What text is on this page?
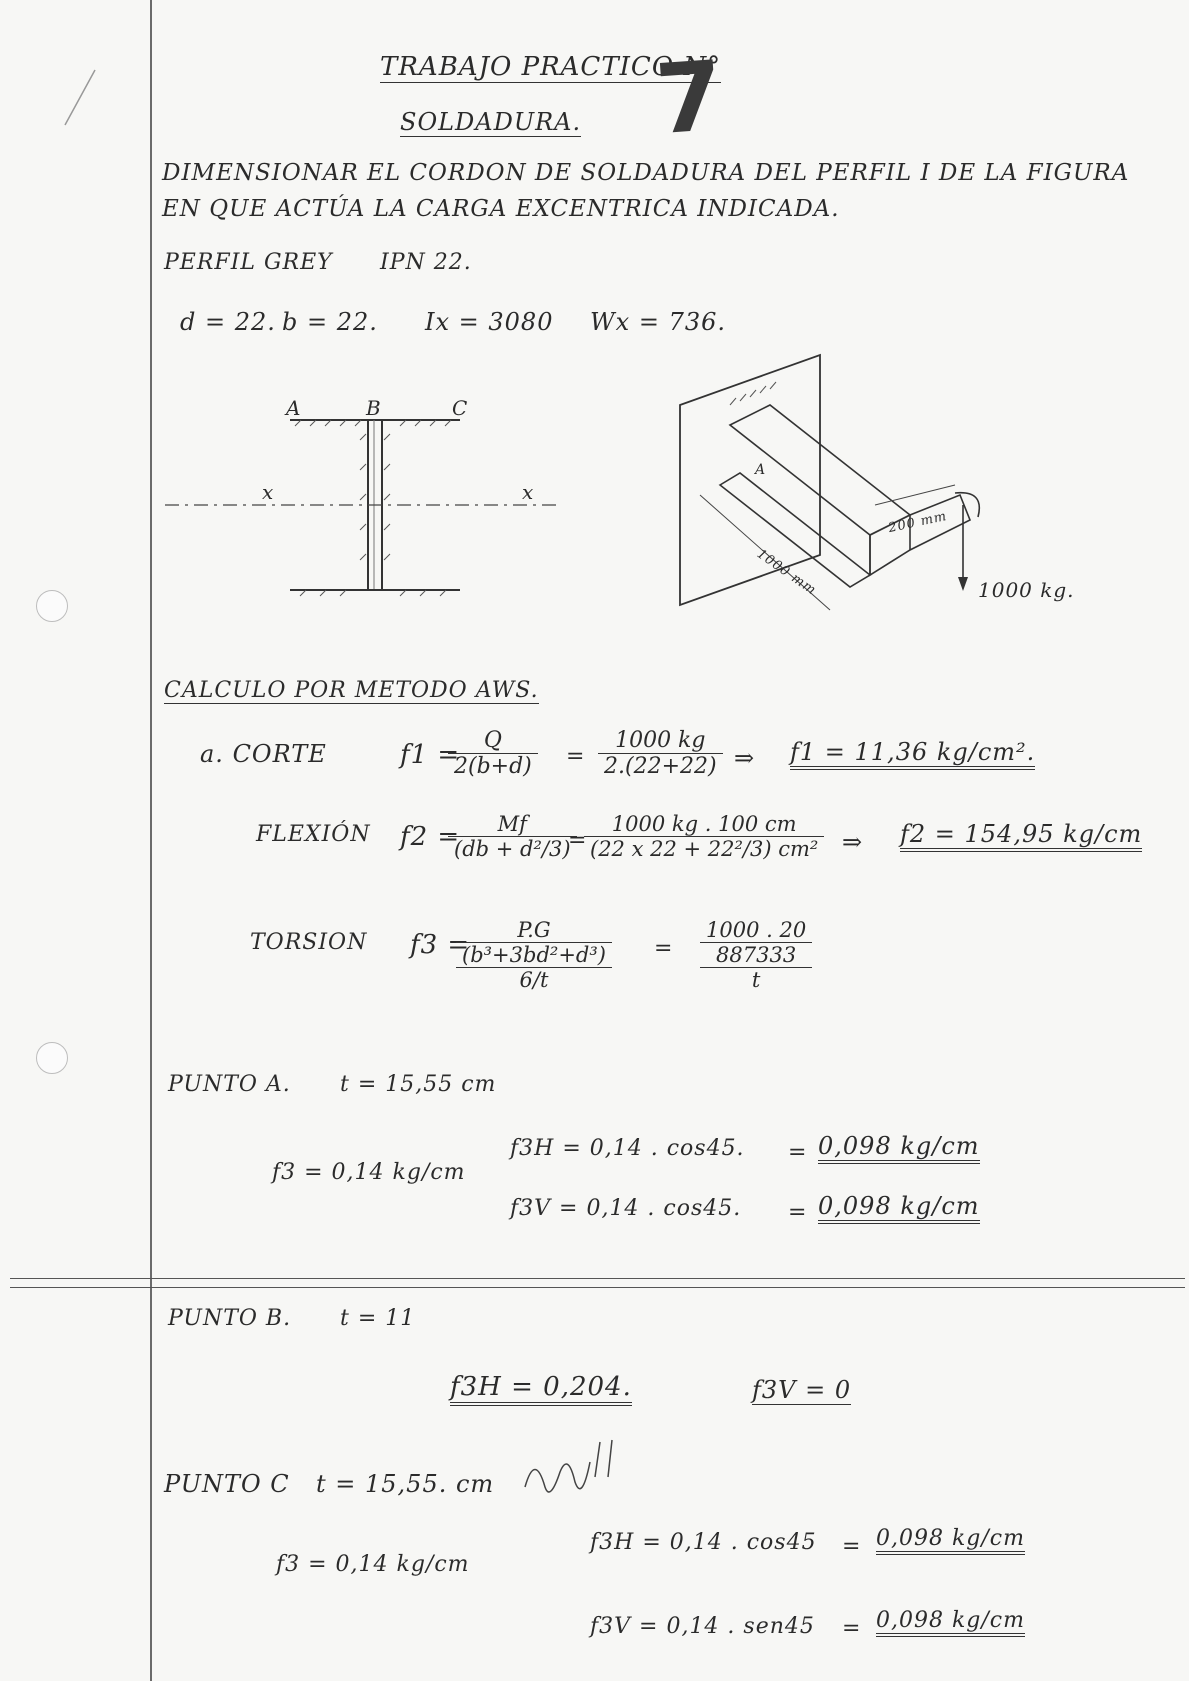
TRABAJO PRACTICO N°
7
SOLDADURA.
DIMENSIONAR EL CORDON DE SOLDADURA DEL PERFIL I DE LA FIGURA
EN QUE ACTÚA LA CARGA EXCENTRICA INDICADA.
PERFIL GREY IPN 22.
d = 22. b = 22. Ix = 3080 Wx = 736.
A	B	C
x	x
200 mm
1000 mm
A
1000 kg.
CALCULO POR METODO AWS.
a. CORTE	f1 =
$\frac{Q}{2(b+d)} = \frac{1000 kg}{2.(22+22)}$ ⇒ f1 = 11,36 kg/cm².
FLEXIÓN f2 =
$\frac{Mf}{\text{(db + d²/3)}}$
=
$\frac{1000 kg . 100 cm}{\text{(22 x 22 + 22²/3) cm²}}$ ⇒ f2 = 154,95 kg/cm
TORSION f3 =	P.G
(b³+3bd²+d³)
6/t
=
1000 . 20
887333
t
PUNTO A. t = 15,55 cm
f3 = 0,14 kg/cm
f3H = 0,14 . cos45. = 0,098 kg/cm
f3V = 0,14 . cos45. = 0,098 kg/cm
PUNTO B. t = 11
f3H = 0,204.	f3V = 0
PUNTO C t = 15,55. cm
f3 = 0,14 kg/cm
f3H = 0,14 . cos45 = 0,098 kg/cm
f3V = 0,14 . sen45 = 0,098 kg/cm
